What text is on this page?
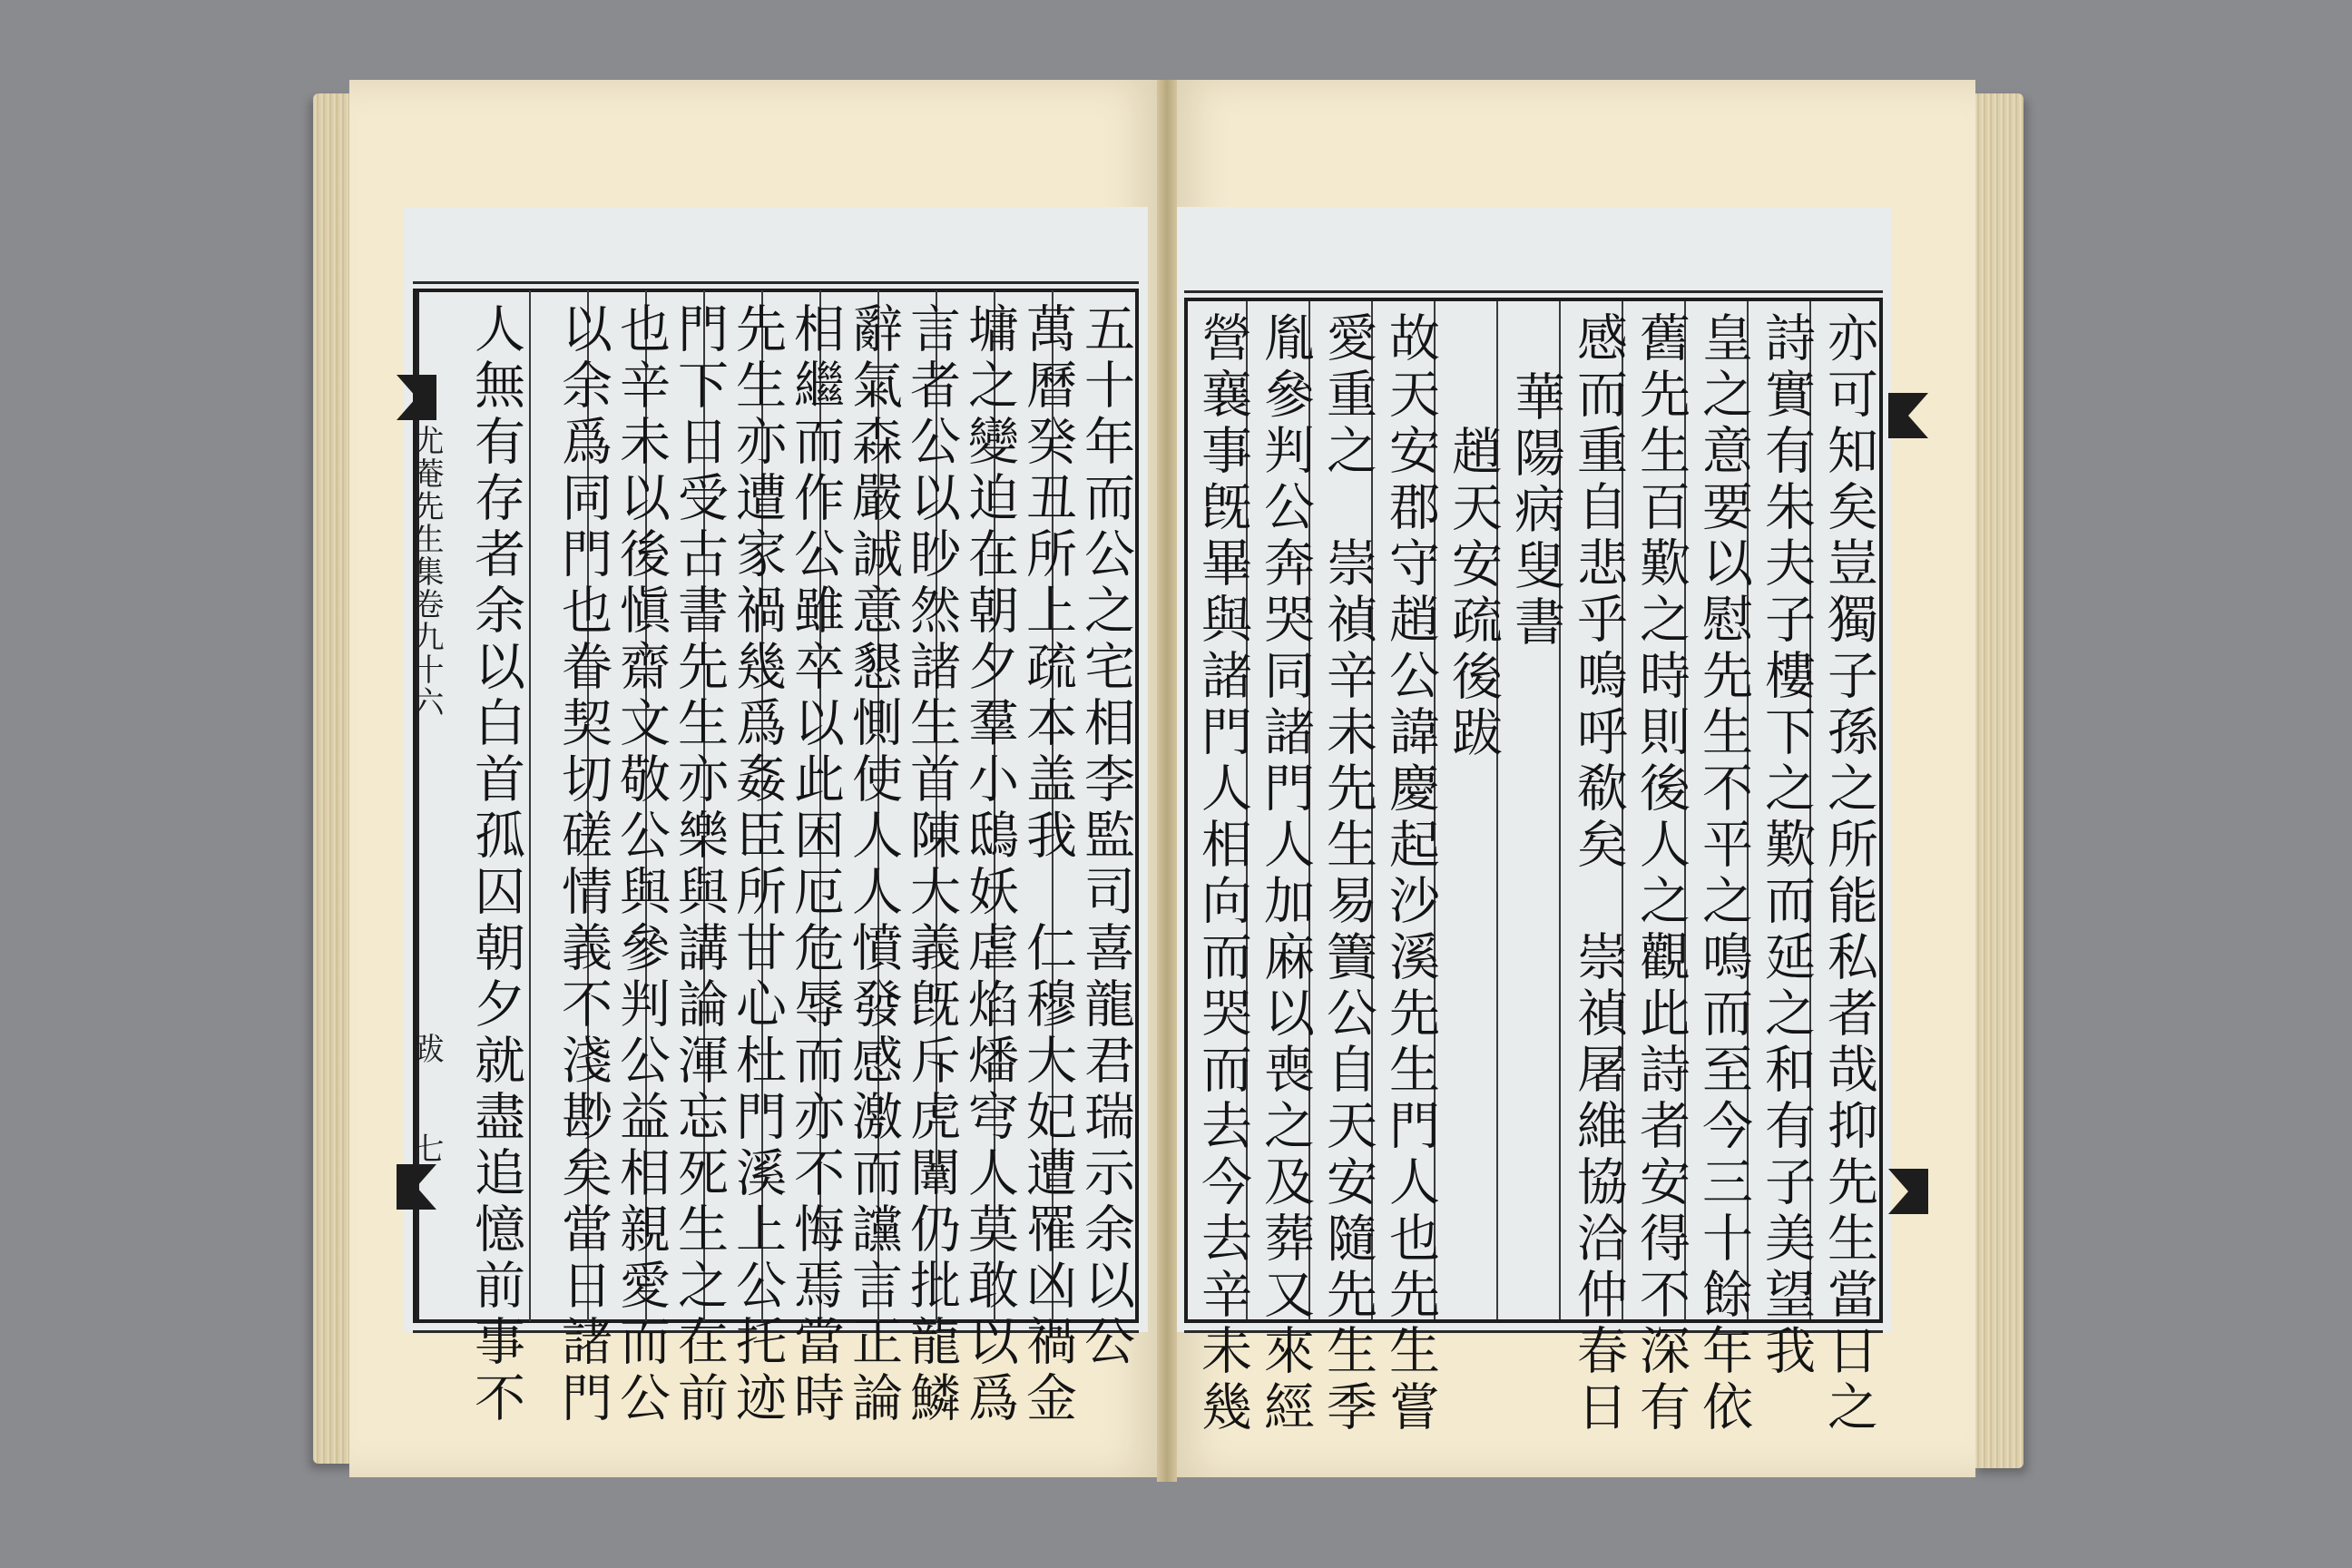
尤菴先生集卷九十六
跋
七	五十年而公之宅相李監司喜龍君瑞示余以公
萬曆癸丑所上疏本盖我　仁穆大妃遭罹凶禍金
墉之變迫在朝夕羣小鴟妖虐焰燔穹人莫敢以爲
言者公以眇然諸生首陳大義旣斥虎闈仍批龍鱗
辭氣森嚴誠意懇惻使人人憤發感激而讜言正論
相繼而作公雖卒以此困厄危辱而亦不悔焉當時
先生亦遭家禍幾爲姦臣所甘心杜門溪上公托迹
門下日受古書先生亦樂與講論渾忘死生之在前
也辛未以後愼齋文敬公與參判公益相親愛而公
以余爲同門也眷契切磋情義不淺尠矣當日諸門
人無有存者余以白首孤囚朝夕就盡追憶前事不	亦可知矣豈獨子孫之所能私者哉抑先生當日之
詩實有朱夫子樓下之歎而延之和有子美望我
皇之意要以慰先生不平之鳴而至今三十餘年依
舊先生百歎之時則後人之觀此詩者安得不深有
感而重自悲乎嗚呼欷矣　崇禎屠維協洽仲春日
華陽病叟書
趙天安疏後跋
故天安郡守趙公諱慶起沙溪先生門人也先生嘗
愛重之　崇禎辛未先生易簀公自天安隨先生季
胤參判公奔哭同諸門人加麻以喪之及葬又來經
營襄事旣畢與諸門人相向而哭而去今去辛未幾
